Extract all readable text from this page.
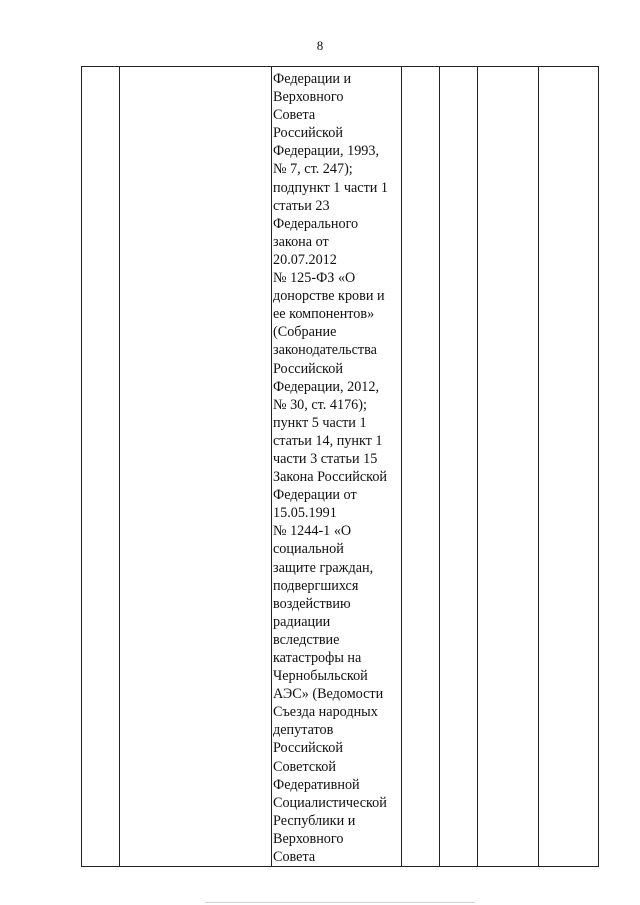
8

Федерации и
Верховного
Совета
Российской
Федерации, 1993,
№ 7, ст. 247);
подпункт 1 части 1
статьи 23
Федерального
закона от
20.07.2012
№ 125-ФЗ «О
донорстве крови и
ее компонентов»
(Собрание
законодательства
Российской
Федерации, 2012,
№ 30, ст. 4176);
пункт 5 части 1
статьи 14, пункт 1
части 3 статьи 15
Закона Российской
Федерации от
15.05.1991
№ 1244-1 «О
социальной
защите граждан,
подвергшихся
воздействию
радиации
вследствие
катастрофы на
Чернобыльской
АЭС» (Ведомости
Съезда народных
депутатов
Российской
Советской
Федеративной
Социалистической
Республики и
Верховного
Совета
